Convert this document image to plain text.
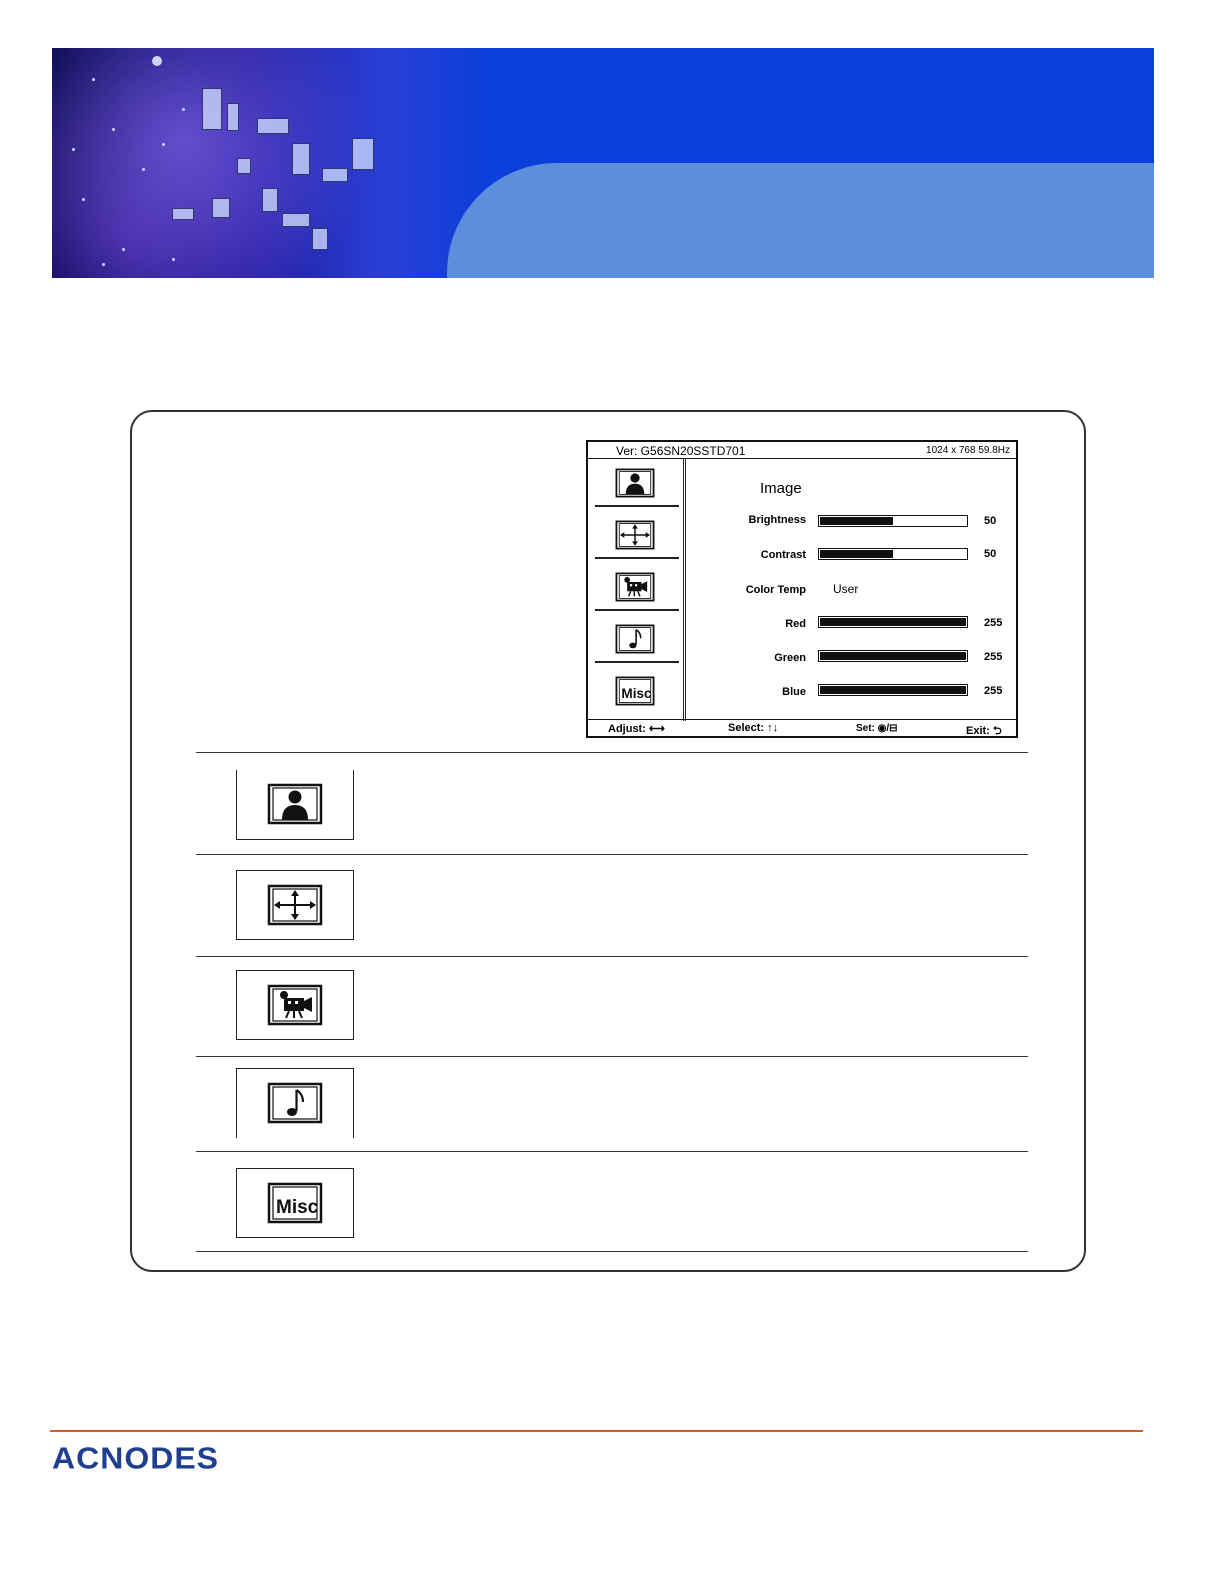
Ver: G56SN20SSTD701	1024 x 768 59.8Hz
Misc
Image
Brightness	50
Contrast	50
Color Temp User
Red	255
Green	255
Blue	255
Adjust: ⟷	Select: ↑↓	Set: ◉/⊟	Exit: ⮌
Misc
ACNODES
